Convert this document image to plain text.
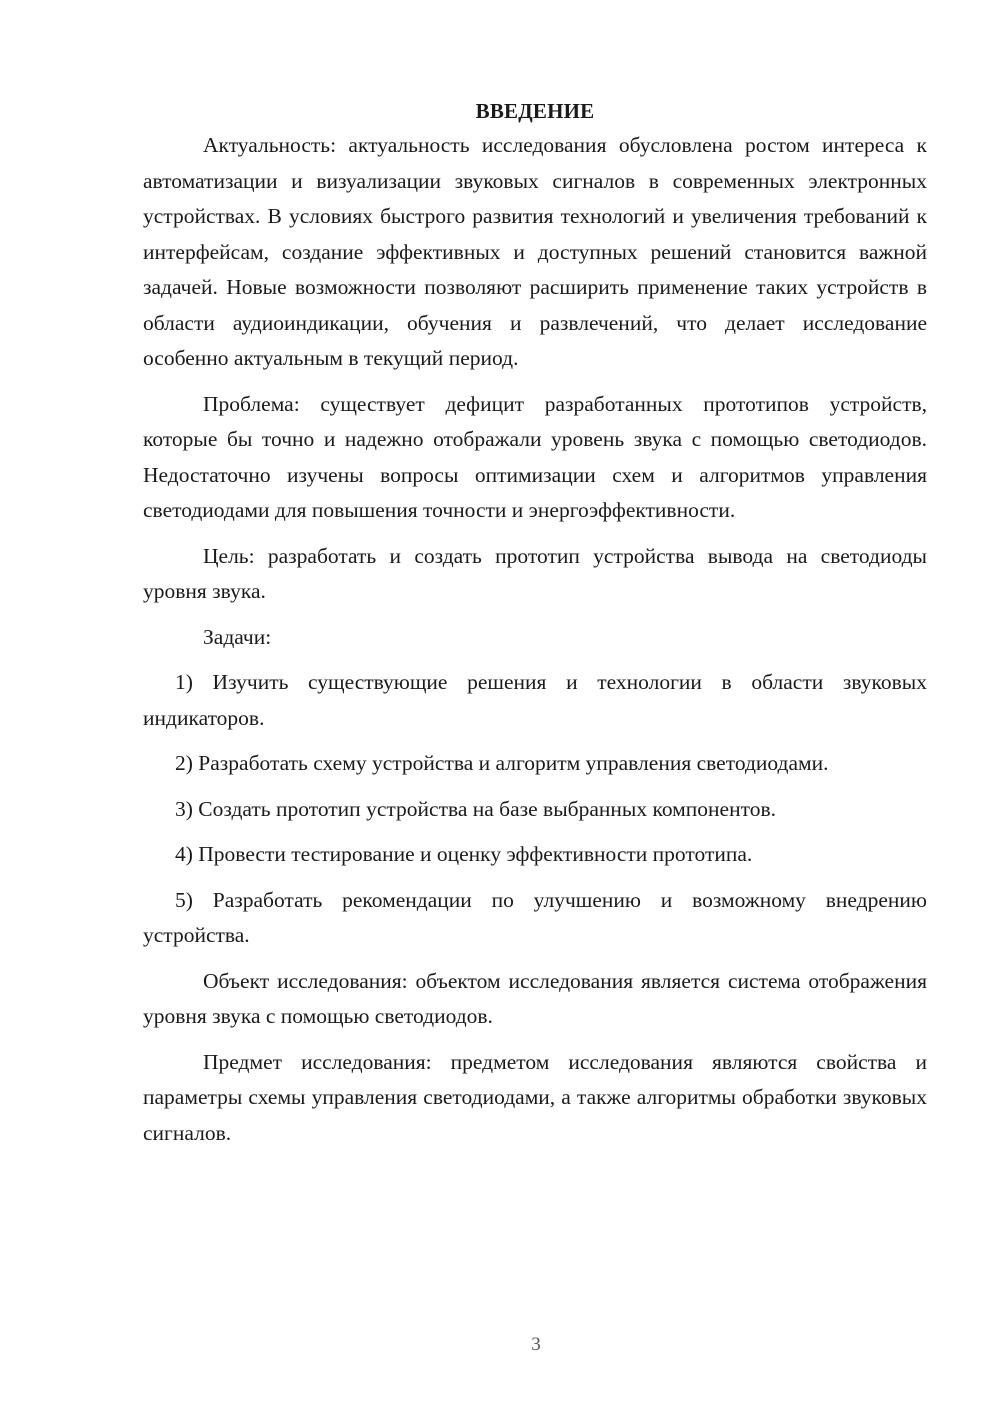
ВВЕДЕНИЕ

Актуальность: актуальность исследования обусловлена ростом интереса к автоматизации и визуализации звуковых сигналов в современных электронных устройствах. В условиях быстрого развития технологий и увеличения требований к интерфейсам, создание эффективных и доступных решений становится важной задачей. Новые возможности позволяют расширить применение таких устройств в области аудиоиндикации, обучения и развлечений, что делает исследование особенно актуальным в текущий период.

Проблема: существует дефицит разработанных прототипов устройств, которые бы точно и надежно отображали уровень звука с помощью светодиодов. Недостаточно изучены вопросы оптимизации схем и алгоритмов управления светодиодами для повышения точности и энергоэффективности.

Цель: разработать и создать прототип устройства вывода на светодиоды уровня звука.

Задачи:

1) Изучить существующие решения и технологии в области звуковых индикаторов.

2) Разработать схему устройства и алгоритм управления светодиодами.

3) Создать прототип устройства на базе выбранных компонентов.

4) Провести тестирование и оценку эффективности прототипа.

5) Разработать рекомендации по улучшению и возможному внедрению устройства.

Объект исследования: объектом исследования является система отображения уровня звука с помощью светодиодов.

Предмет исследования: предметом исследования являются свойства и параметры схемы управления светодиодами, а также алгоритмы обработки звуковых сигналов.

3
